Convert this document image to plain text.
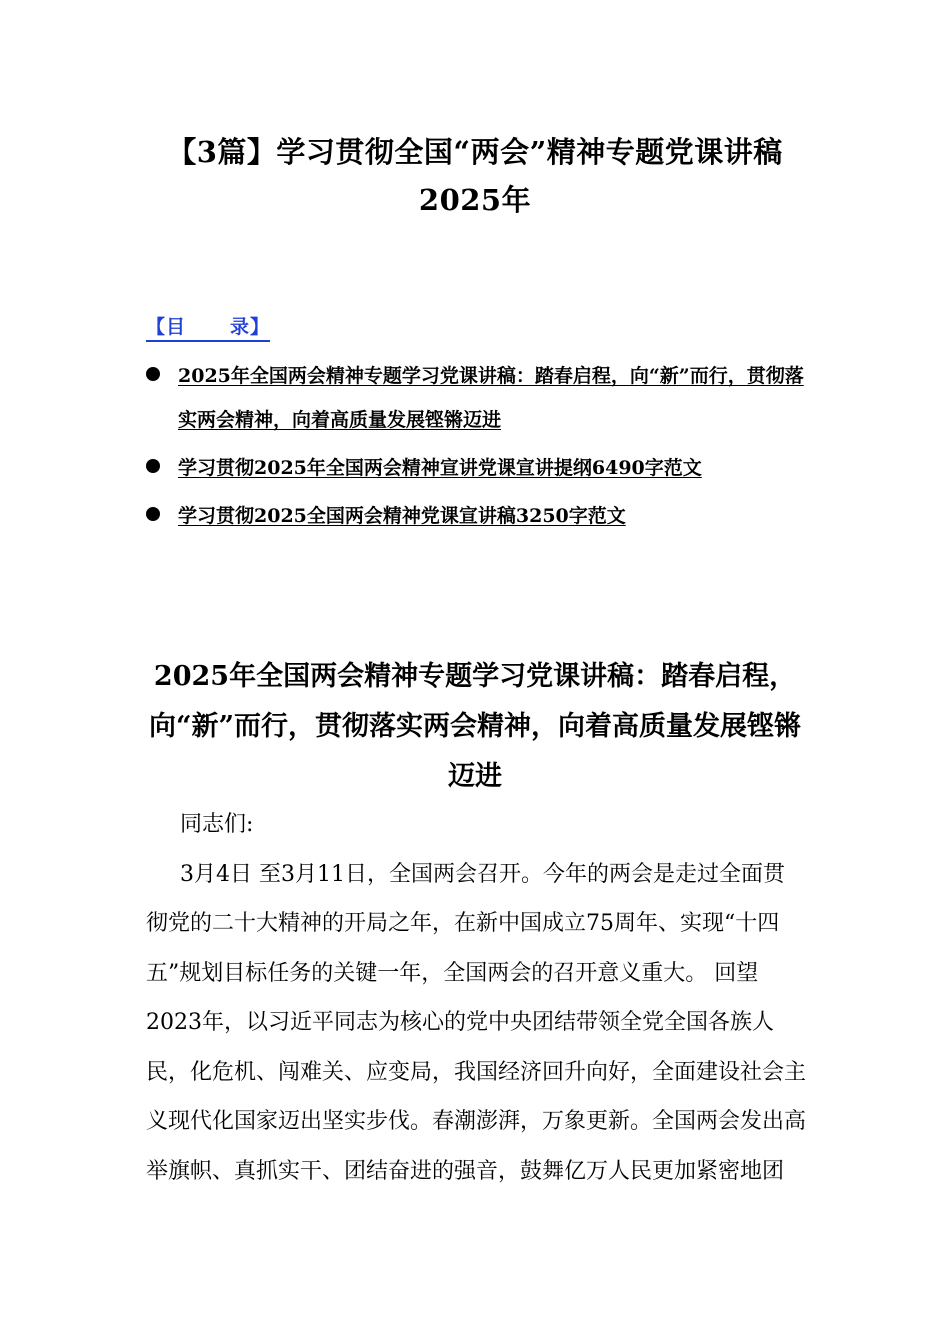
【3篇】学习贯彻全国“两会”精神专题党课讲稿
2025年
【目 录】
2025年全国两会精神专题学习党课讲稿：踏春启程，向“新”而行，贯彻落实两会精神，向着高质量发展铿锵迈进
学习贯彻2025年全国两会精神宣讲党课宣讲提纲6490字范文
学习贯彻2025全国两会精神党课宣讲稿3250字范文
2025年全国两会精神专题学习党课讲稿：踏春启程，向“新”而行，贯彻落实两会精神，向着高质量发展铿锵迈进

同志们:

3月4日 至3月11日，全国两会召开。今年的两会是走过全面贯彻党的二十大精神的开局之年，在新中国成立75周年、实现“十四五”规划目标任务的关键一年，全国两会的召开意义重大。 回望2023年，以习近平同志为核心的党中央团结带领全党全国各族人民，化危机、闯难关、应变局，我国经济回升向好，全面建设社会主义现代化国家迈出坚实步伐。春潮澎湃，万象更新。全国两会发出高举旗帜、真抓实干、团结奋进的强音，鼓舞亿万人民更加紧密地团
